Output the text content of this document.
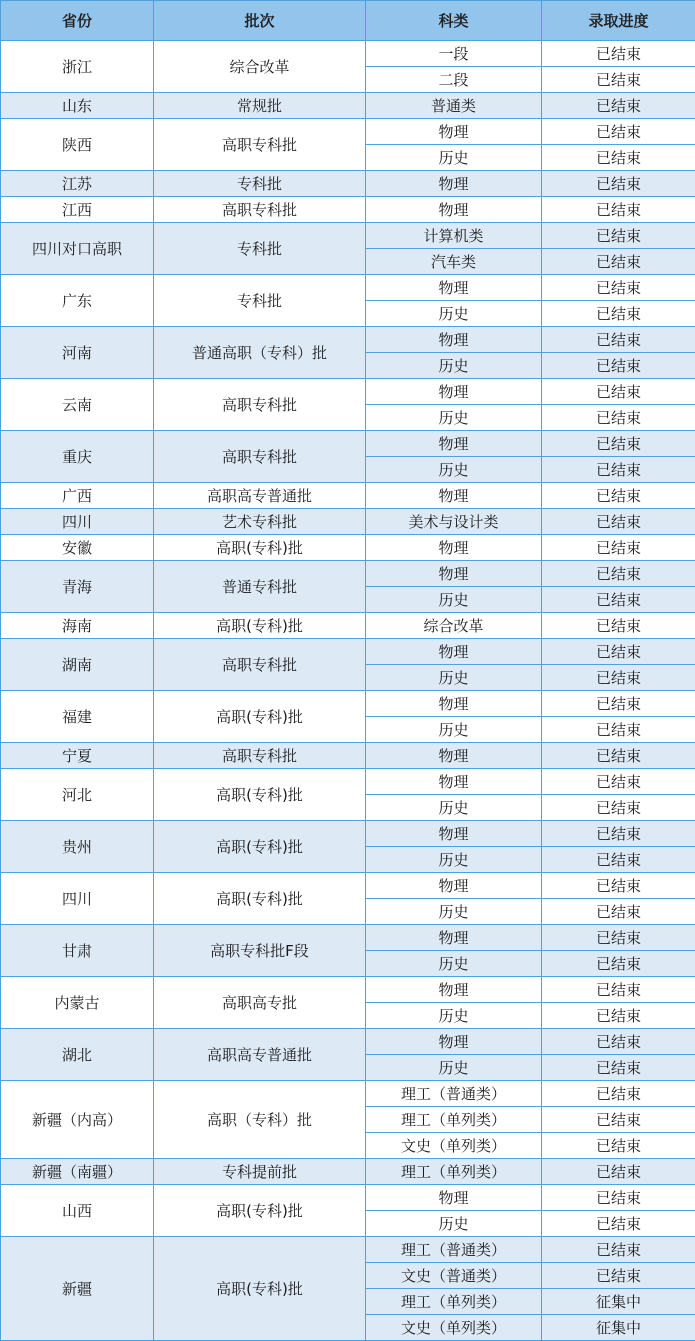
省份	批次	科类	录取进度
浙江	综合改革	一段	已结束
		二段	已结束
山东	常规批	普通类	已结束
陕西	高职专科批	物理	已结束
		历史	已结束
江苏	专科批	物理	已结束
江西	高职专科批	物理	已结束
四川对口高职	专科批	计算机类	已结束
		汽车类	已结束
广东	专科批	物理	已结束
		历史	已结束
河南	普通高职（专科）批	物理	已结束
		历史	已结束
云南	高职专科批	物理	已结束
		历史	已结束
重庆	高职专科批	物理	已结束
		历史	已结束
广西	高职高专普通批	物理	已结束
四川	艺术专科批	美术与设计类	已结束
安徽	高职(专科)批	物理	已结束
青海	普通专科批	物理	已结束
		历史	已结束
海南	高职(专科)批	综合改革	已结束
湖南	高职专科批	物理	已结束
		历史	已结束
福建	高职(专科)批	物理	已结束
		历史	已结束
宁夏	高职专科批	物理	已结束
河北	高职(专科)批	物理	已结束
		历史	已结束
贵州	高职(专科)批	物理	已结束
		历史	已结束
四川	高职(专科)批	物理	已结束
		历史	已结束
甘肃	高职专科批F段	物理	已结束
		历史	已结束
内蒙古	高职高专批	物理	已结束
		历史	已结束
湖北	高职高专普通批	物理	已结束
		历史	已结束
新疆（内高）	高职（专科）批	理工（普通类）	已结束
		理工（单列类）	已结束
		文史（单列类）	已结束
新疆（南疆）	专科提前批	理工（单列类）	已结束
山西	高职(专科)批	物理	已结束
		历史	已结束
新疆	高职(专科)批	理工（普通类）	已结束
		文史（普通类）	已结束
		理工（单列类）	征集中
		文史（单列类）	征集中
